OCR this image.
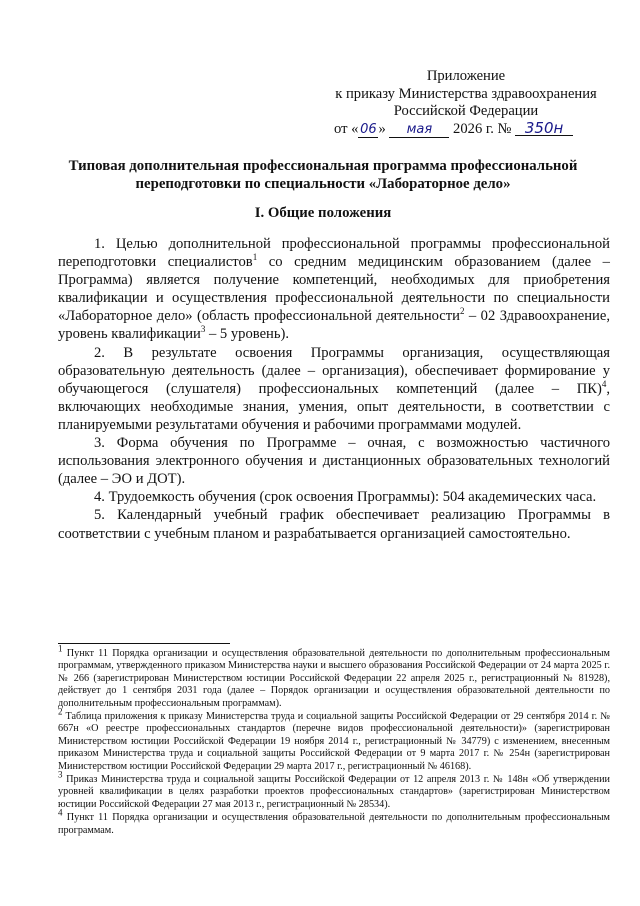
Приложение
к приказу Министерства здравоохранения
Российской Федерации
от « 06 » мая 2026 г. № 350н
Типовая дополнительная профессиональная программа профессиональной переподготовки по специальности «Лабораторное дело»
I. Общие положения

1. Целью дополнительной профессиональной программы профессиональной переподготовки специалистов$^1$ со средним медицинским образованием (далее – Программа) является получение компетенций, необходимых для приобретения квалификации и осуществления профессиональной деятельности по специальности «Лабораторное дело» (область профессиональной деятельности$^2$ – 02 Здравоохранение, уровень квалификации$^3$ – 5 уровень).

2. В результате освоения Программы организация, осуществляющая образовательную деятельность (далее – организация), обеспечивает формирование у обучающегося (слушателя) профессиональных компетенций (далее – ПК)$^4$, включающих необходимые знания, умения, опыт деятельности, в соответствии с планируемыми результатами обучения и рабочими программами модулей.

3. Форма обучения по Программе – очная, с возможностью частичного использования электронного обучения и дистанционных образовательных технологий (далее – ЭО и ДОТ).

4. Трудоемкость обучения (срок освоения Программы): 504 академических часа.

5. Календарный учебный график обеспечивает реализацию Программы в соответствии с учебным планом и разрабатывается организацией самостоятельно.

$^1$ Пункт 11 Порядка организации и осуществления образовательной деятельности по дополнительным профессиональным программам, утвержденного приказом Министерства науки и высшего образования Российской Федерации от 24 марта 2025 г. № 266 (зарегистрирован Министерством юстиции Российской Федерации 22 апреля 2025 г., регистрационный № 81928), действует до 1 сентября 2031 года (далее – Порядок организации и осуществления образовательной деятельности по дополнительным профессиональным программам).

$^2$ Таблица приложения к приказу Министерства труда и социальной защиты Российской Федерации от 29 сентября 2014 г. № 667н «О реестре профессиональных стандартов (перечне видов профессиональной деятельности)» (зарегистрирован Министерством юстиции Российской Федерации 19 ноября 2014 г., регистрационный № 34779) с изменением, внесенным приказом Министерства труда и социальной защиты Российской Федерации от 9 марта 2017 г. № 254н (зарегистрирован Министерством юстиции Российской Федерации 29 марта 2017 г., регистрационный № 46168).

$^3$ Приказ Министерства труда и социальной защиты Российской Федерации от 12 апреля 2013 г. № 148н «Об утверждении уровней квалификации в целях разработки проектов профессиональных стандартов» (зарегистрирован Министерством юстиции Российской Федерации 27 мая 2013 г., регистрационный № 28534).

$^4$ Пункт 11 Порядка организации и осуществления образовательной деятельности по дополнительным профессиональным программам.
